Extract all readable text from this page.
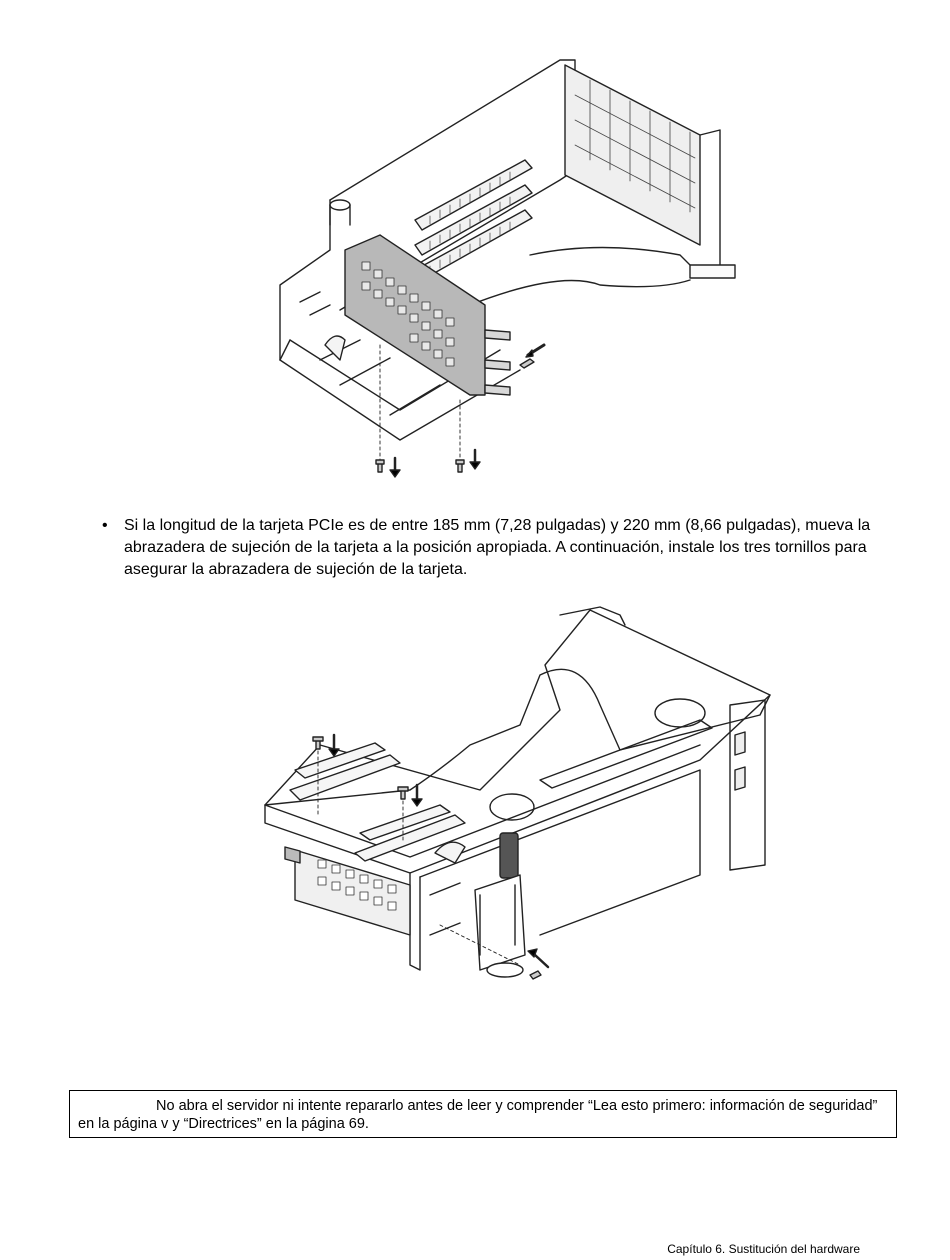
•	Si la longitud de la tarjeta PCIe es de entre 185 mm (7,28 pulgadas) y 220 mm (8,66 pulgadas), mueva la abrazadera de sujeción de la tarjeta a la posición apropiada. A continuación, instale los tres tornillos para asegurar la abrazadera de sujeción de la tarjeta.
No abra el servidor ni intente repararlo antes de leer y comprender “Lea esto primero: información de seguridad” en la página v y “Directrices” en la página 69.
Capítulo 6. Sustitución del hardware
